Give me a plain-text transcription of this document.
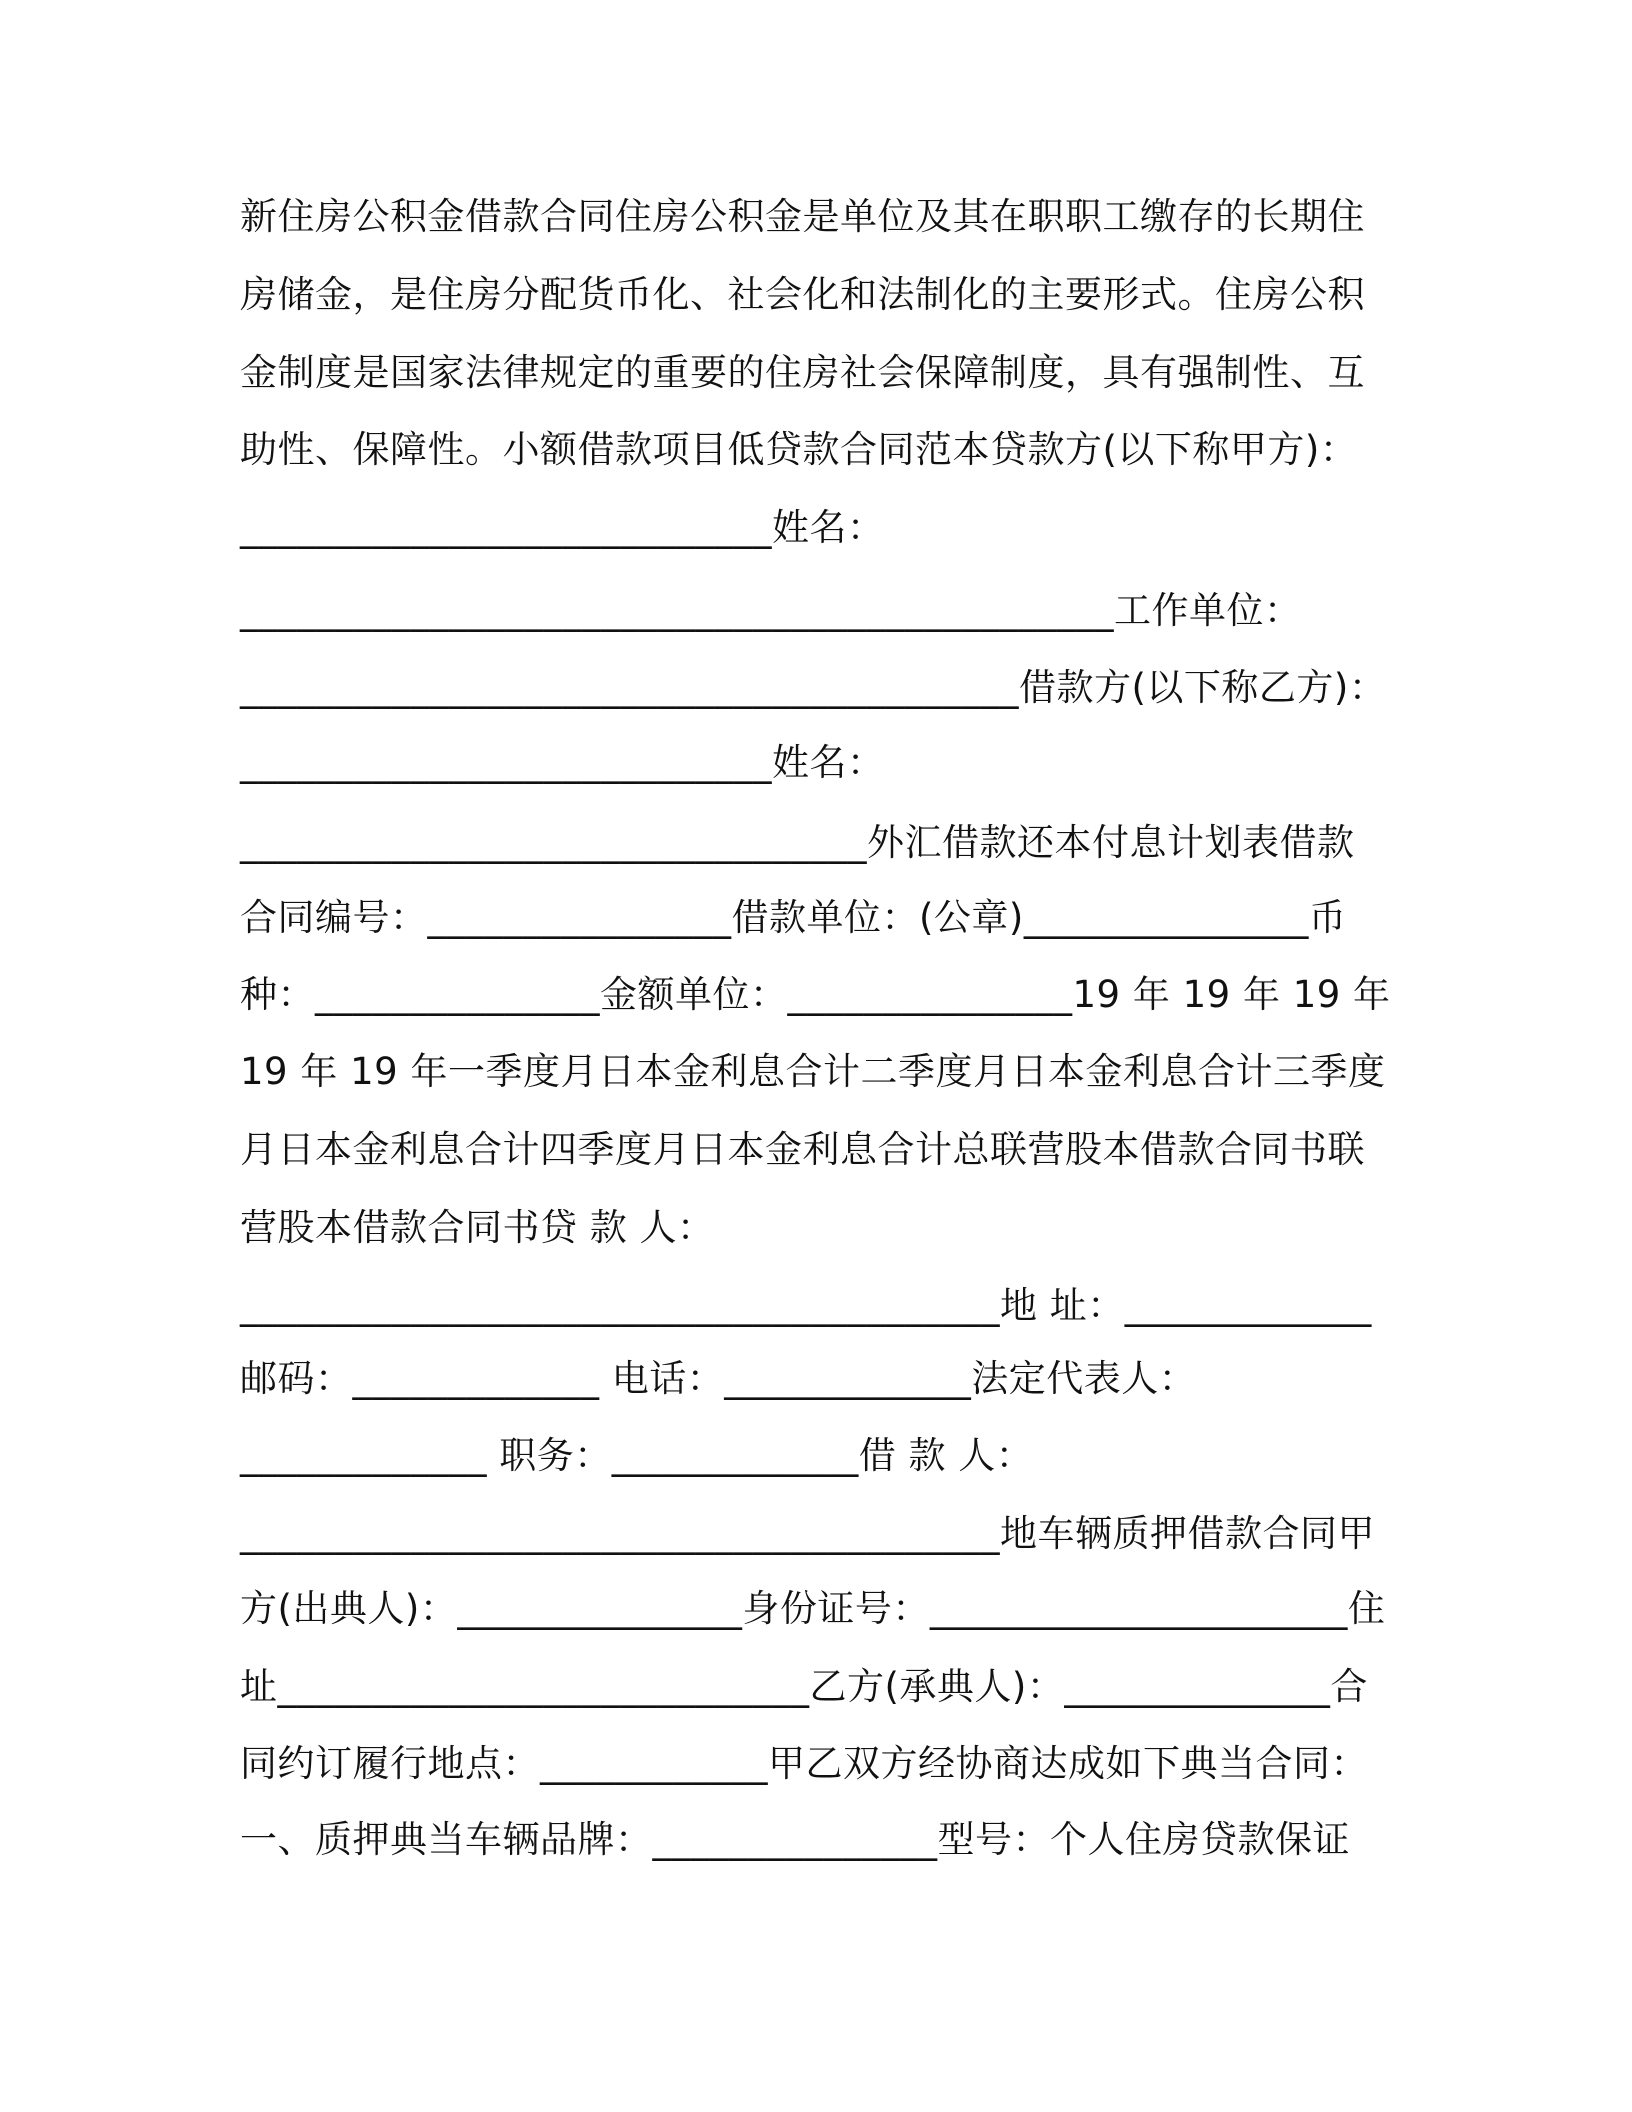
新住房公积金借款合同住房公积金是单位及其在职职工缴存的长期住
房储金，是住房分配货币化、社会化和法制化的主要形式。住房公积
金制度是国家法律规定的重要的住房社会保障制度，具有强制性、互
助性、保障性。小额借款项目低贷款合同范本贷款方(以下称甲方)：
____________________________姓名：
______________________________________________工作单位：
_________________________________________借款方(以下称乙方)：
____________________________姓名：
_________________________________外汇借款还本付息计划表借款
合同编号：________________借款单位：(公章)_______________币
种：_______________金额单位：_______________19 年 19 年 19 年
19 年 19 年一季度月日本金利息合计二季度月日本金利息合计三季度
月日本金利息合计四季度月日本金利息合计总联营股本借款合同书联
营股本借款合同书贷 款 人：
________________________________________地 址：_____________
邮码：_____________ 电话：_____________法定代表人：
_____________ 职务：_____________借 款 人：
________________________________________地车辆质押借款合同甲
方(出典人)：_______________身份证号：______________________住
址____________________________乙方(承典人)：______________合
同约订履行地点：____________甲乙双方经协商达成如下典当合同：
一、质押典当车辆品牌：_______________型号：个人住房贷款保证
